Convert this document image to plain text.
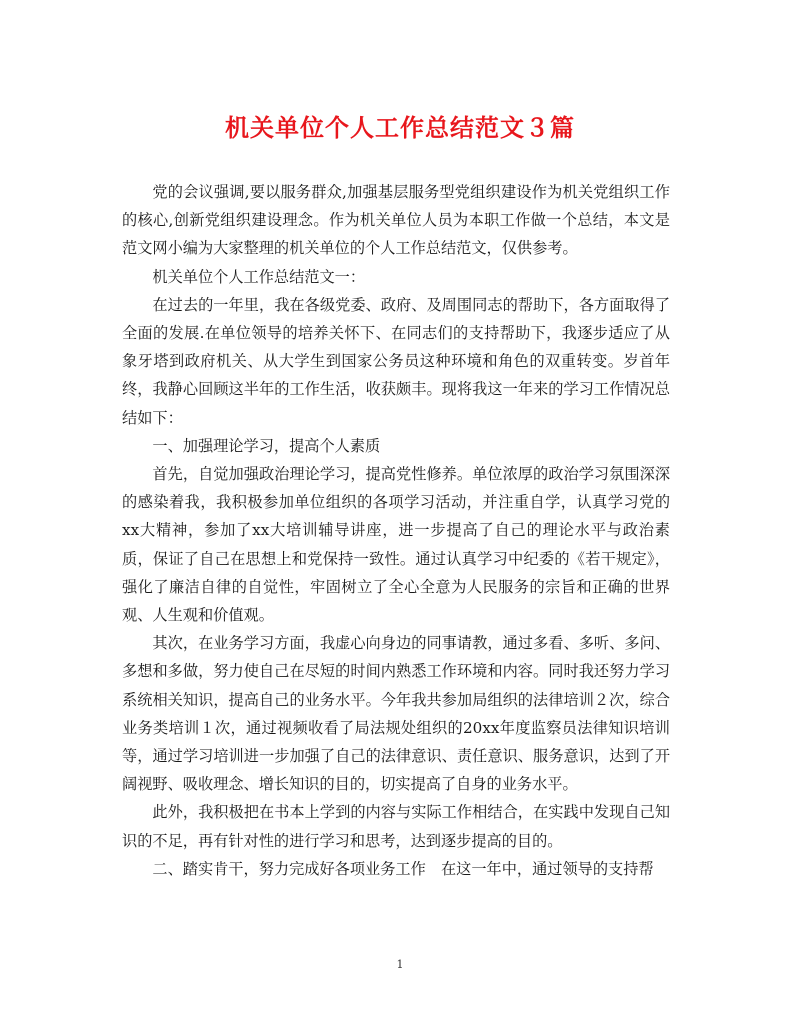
机关单位个人工作总结范文３篇

党的会议强调,要以服务群众,加强基层服务型党组织建设作为机关党组织工作的核心,创新党组织建设理念。作为机关单位人员为本职工作做一个总结，本文是范文网小编为大家整理的机关单位的个人工作总结范文，仅供参考。

机关单位个人工作总结范文一：

在过去的一年里，我在各级党委、政府、及周围同志的帮助下，各方面取得了全面的发展.在单位领导的培养关怀下、在同志们的支持帮助下，我逐步适应了从象牙塔到政府机关、从大学生到国家公务员这种环境和角色的双重转变。岁首年终，我静心回顾这半年的工作生活，收获颇丰。现将我这一年来的学习工作情况总结如下：

一、加强理论学习，提高个人素质

首先，自觉加强政治理论学习，提高党性修养。单位浓厚的政治学习氛围深深的感染着我，我积极参加单位组织的各项学习活动，并注重自学，认真学习党的xx大精神，参加了xx大培训辅导讲座，进一步提高了自己的理论水平与政治素质，保证了自己在思想上和党保持一致性。通过认真学习中纪委的《若干规定》，强化了廉洁自律的自觉性，牢固树立了全心全意为人民服务的宗旨和正确的世界观、人生观和价值观。

其次，在业务学习方面，我虚心向身边的同事请教，通过多看、多听、多问、多想和多做，努力使自己在尽短的时间内熟悉工作环境和内容。同时我还努力学习系统相关知识，提高自己的业务水平。今年我共参加局组织的法律培训２次，综合业务类培训１次，通过视频收看了局法规处组织的20xx年度监察员法律知识培训等，通过学习培训进一步加强了自己的法律意识、责任意识、服务意识，达到了开阔视野、吸收理念、增长知识的目的，切实提高了自身的业务水平。

此外，我积极把在书本上学到的内容与实际工作相结合，在实践中发现自己知识的不足，再有针对性的进行学习和思考，达到逐步提高的目的。

二、踏实肯干，努力完成好各项业务工作　在这一年中，通过领导的支持帮

1
